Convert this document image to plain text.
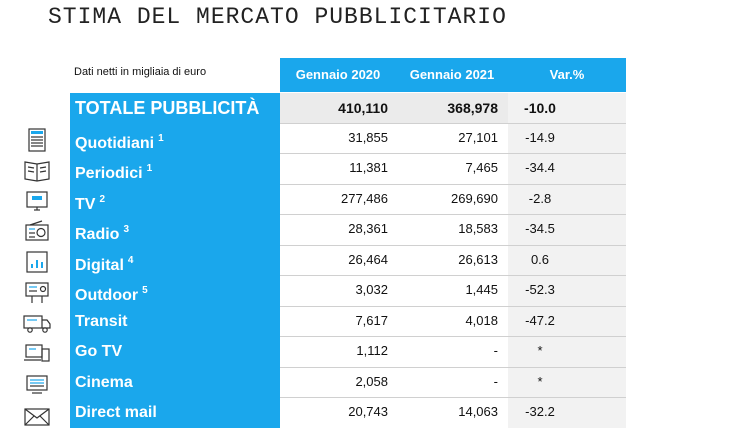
STIMA DEL MERCATO PUBBLICITARIO
Dati netti in migliaia di euro	Gennaio 2020	Gennaio 2021	Var.%
TOTALE PUBBLICITÀ	410,110	368,978	-10.0
Quotidiani $^1$	31,855	27,101	-14.9
Periodici $^1$	11,381	7,465	-34.4
TV $^2$	277,486	269,690	-2.8
Radio $^3$	28,361	18,583	-34.5
Digital $^4$	26,464	26,613	0.6
Outdoor $^5$	3,032	1,445	-52.3
Transit	7,617	4,018	-47.2
Go TV	1,112	-	*
Cinema	2,058	-	*
Direct mail	20,743	14,063	-32.2
